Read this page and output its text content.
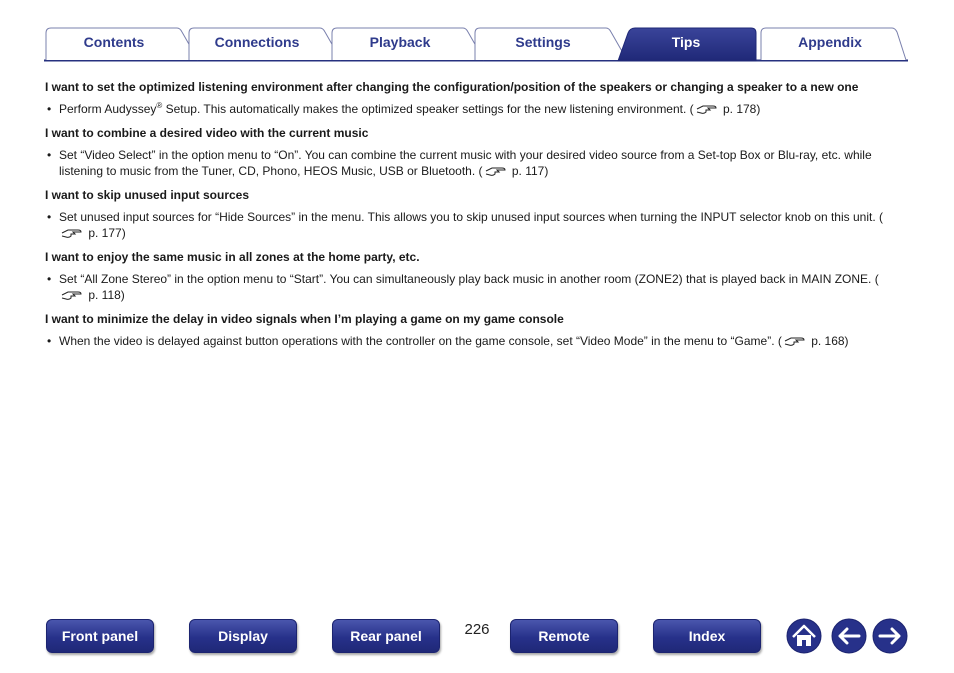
Contents	Connections	Playback	Settings	Tips	Appendix
I want to set the optimized listening environment after changing the configuration/position of the speakers or changing a speaker to a new one
• Perform Audyssey® Setup. This automatically makes the optimized speaker settings for the new listening environment. ( p. 178)
I want to combine a desired video with the current music
• Set “Video Select” in the option menu to “On”. You can combine the current music with your desired video source from a Set-top Box or Blu-ray, etc. while listening to music from the Tuner, CD, Phono, HEOS Music, USB or Bluetooth. ( p. 117)
I want to skip unused input sources
• Set unused input sources for “Hide Sources” in the menu. This allows you to skip unused input sources when turning the INPUT selector knob on this unit. ( p. 177)
I want to enjoy the same music in all zones at the home party, etc.
• Set “All Zone Stereo” in the option menu to “Start”. You can simultaneously play back music in another room (ZONE2) that is played back in MAIN ZONE. ( p. 118)
I want to minimize the delay in video signals when I’m playing a game on my game console
• When the video is delayed against button operations with the controller on the game console, set “Video Mode” in the menu to “Game”. ( p. 168)
Front panel	Display	Rear panel	226	Remote	Index
